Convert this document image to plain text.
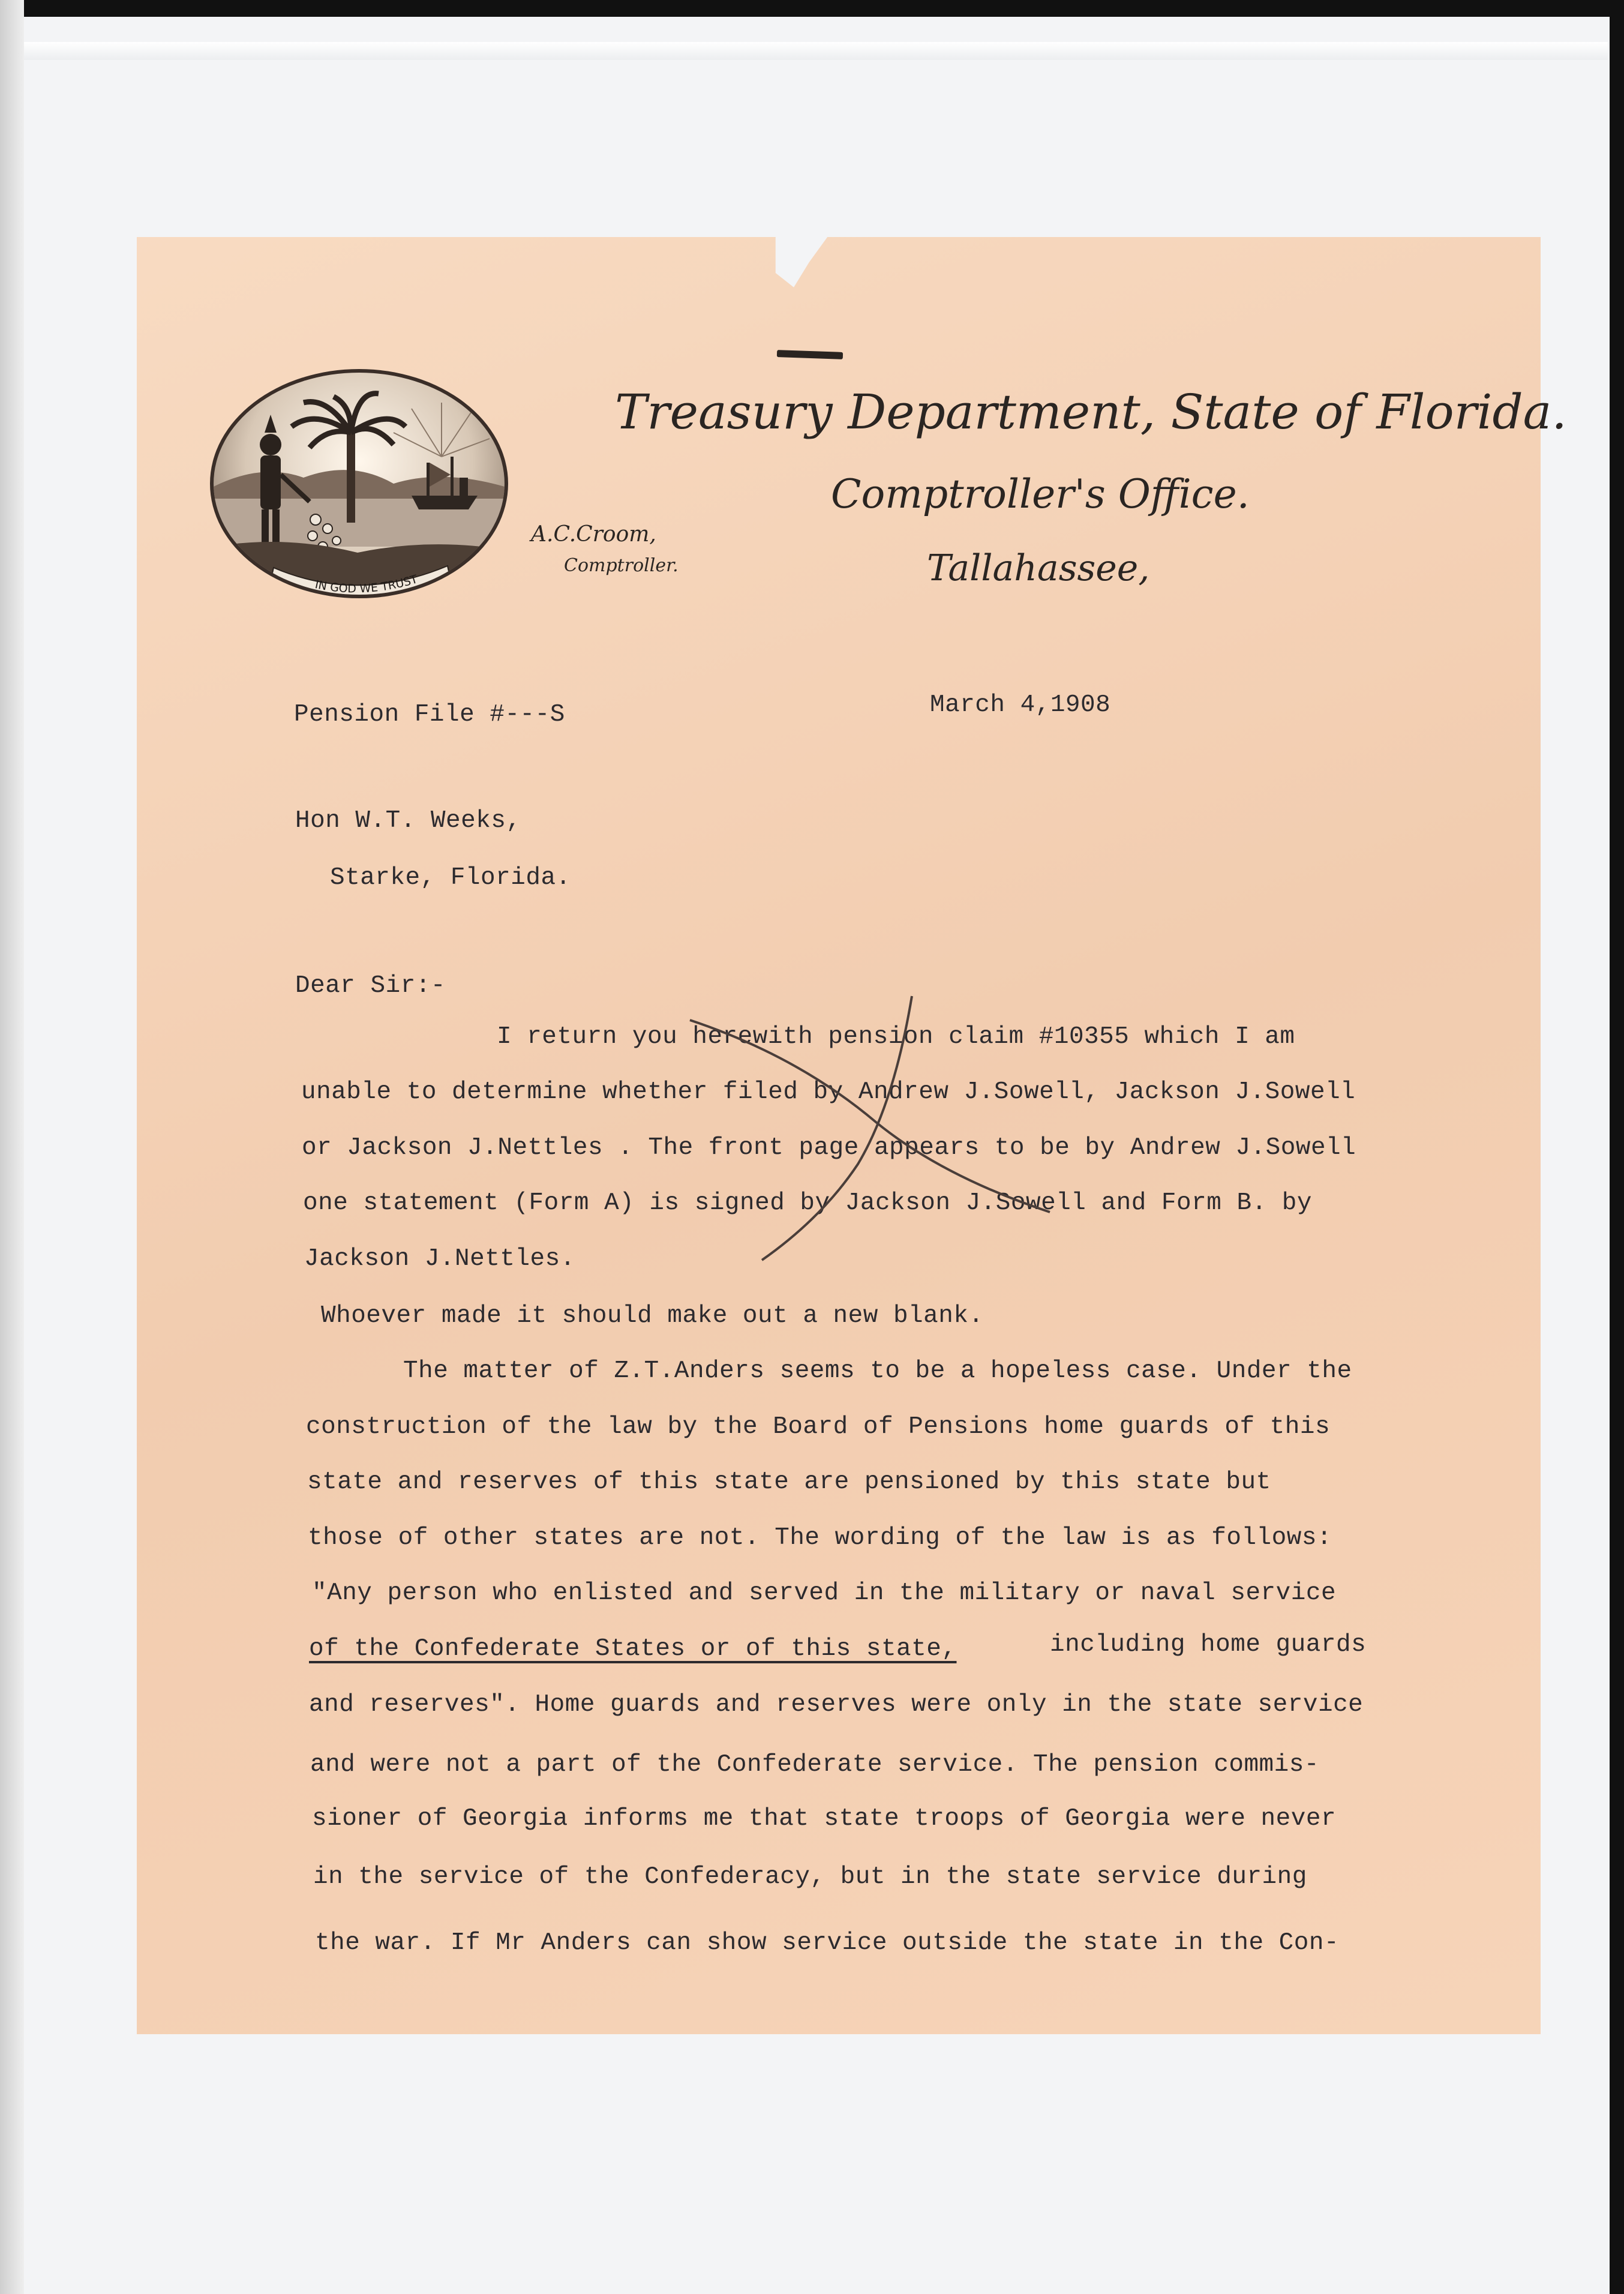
IN GOD WE TRUST
Treasury Department, State of Florida.
Comptroller's Office.
Tallahassee,
A.C.Croom,
Comptroller.
Pension File #---S	March 4,1908
Hon W.T. Weeks,
Starke, Florida.
Dear Sir:-
I return you herewith pension claim #10355 which I am
unable to determine whether filed by Andrew J.Sowell, Jackson J.Sowell
or Jackson J.Nettles . The front page appears to be by Andrew J.Sowell
one statement (Form A) is signed by Jackson J.Sowell and Form B. by
Jackson J.Nettles.
Whoever made it should make out a new blank.
The matter of Z.T.Anders seems to be a hopeless case. Under the
construction of the law by the Board of Pensions home guards of this
state and reserves of this state are pensioned by this state but
those of other states are not. The wording of the law is as follows:
"Any person who enlisted and served in the military or naval service
of the Confederate States or of this state,	including home guards
and reserves". Home guards and reserves were only in the state service
and were not a part of the Confederate service. The pension commis-
sioner of Georgia informs me that state troops of Georgia were never
in the service of the Confederacy, but in the state service during
the war. If Mr Anders can show service outside the state in the Con-
